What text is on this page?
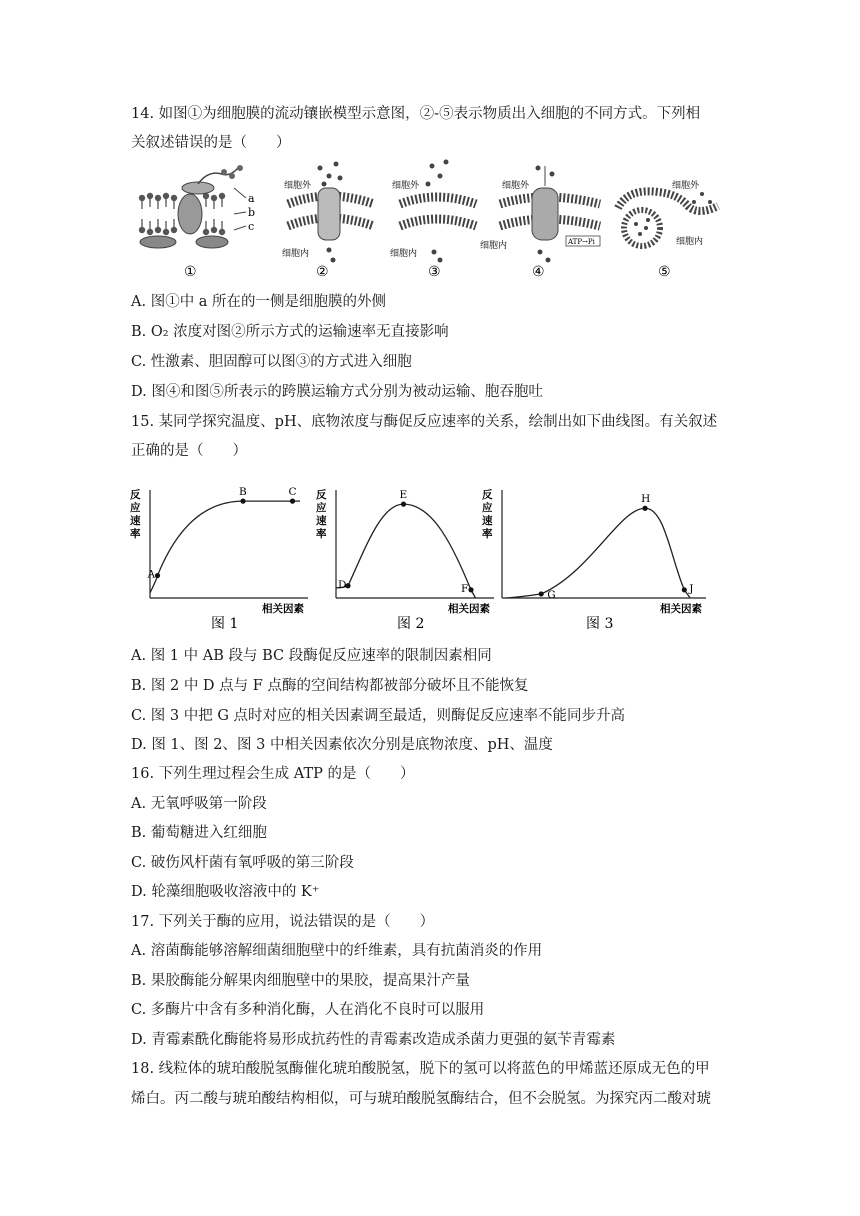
14. 如图①为细胞膜的流动镶嵌模型示意图，②-⑤表示物质出入细胞的不同方式。下列相
关叙述错误的是（　　）
a
b
c
①
细胞外
细胞内
②
细胞外
细胞内
③
ATP→Pi
细胞外
细胞内
④
细胞外
细胞内
⑤
A. 图①中 a 所在的一侧是细胞膜的外侧
B. O₂ 浓度对图②所示方式的运输速率无直接影响
C. 性激素、胆固醇可以图③的方式进入细胞
D. 图④和图⑤所表示的跨膜运输方式分别为被动运输、胞吞胞吐
15. 某同学探究温度、pH、底物浓度与酶促反应速率的关系，绘制出如下曲线图。有关叙述
正确的是（　　）
反
应
速
率
相关因素
图 1
A
B	C 反
应
速
率
相关因素
图 2
D
E
F
反
应
速
率
相关因素
图 3
G
H
J
A. 图 1 中 AB 段与 BC 段酶促反应速率的限制因素相同
B. 图 2 中 D 点与 F 点酶的空间结构都被部分破坏且不能恢复
C. 图 3 中把 G 点时对应的相关因素调至最适，则酶促反应速率不能同步升高
D. 图 1、图 2、图 3 中相关因素依次分别是底物浓度、pH、温度
16. 下列生理过程会生成 ATP 的是（　　）
A. 无氧呼吸第一阶段
B. 葡萄糖进入红细胞
C. 破伤风杆菌有氧呼吸的第三阶段
D. 轮藻细胞吸收溶液中的 K⁺
17. 下列关于酶的应用，说法错误的是（　　）
A. 溶菌酶能够溶解细菌细胞壁中的纤维素，具有抗菌消炎的作用
B. 果胶酶能分解果肉细胞壁中的果胶，提高果汁产量
C. 多酶片中含有多种消化酶，人在消化不良时可以服用
D. 青霉素酰化酶能将易形成抗药性的青霉素改造成杀菌力更强的氨苄青霉素
18. 线粒体的琥珀酸脱氢酶催化琥珀酸脱氢，脱下的氢可以将蓝色的甲烯蓝还原成无色的甲
烯白。丙二酸与琥珀酸结构相似，可与琥珀酸脱氢酶结合，但不会脱氢。为探究丙二酸对琥
